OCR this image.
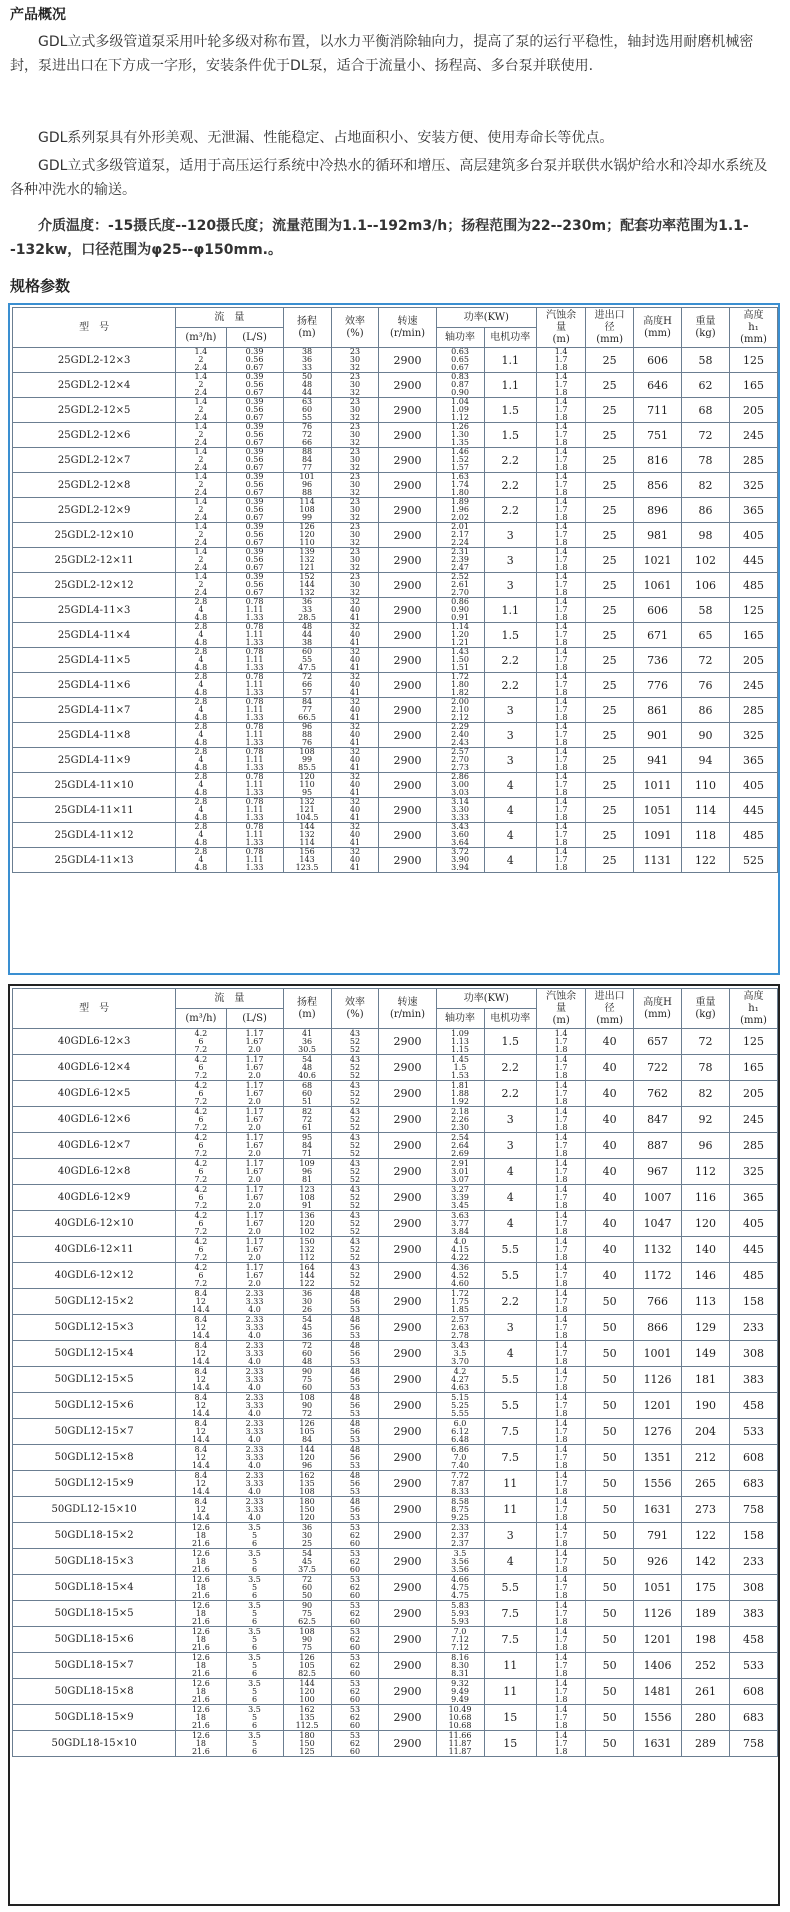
产品概况
GDL立式多级管道泵采用叶轮多级对称布置，以水力平衡消除轴向力，提高了泵的运行平稳性，轴封选用耐磨机械密封，泵进出口在下方成一字形，安装条件优于DL泵，适合于流量小、扬程高、多台泵并联使用.
GDL系列泵具有外形美观、无泄漏、性能稳定、占地面积小、安装方便、使用寿命长等优点。
GDL立式多级管道泵，适用于高压运行系统中冷热水的循环和增压、高层建筑多台泵并联供水锅炉给水和冷却水系统及各种冲洗水的输送。
介质温度：-15摄氏度--120摄氏度；流量范围为1.1--192m3/h；扬程范围为22--230m；配套功率范围为1.1--132kw，口径范围为φ25--φ150mm.。
规格参数
型　号	流　量		扬程
(m)	效率
(%)	转速
(r/min)	功率(KW)		汽蚀余量
(m)	进出口径
(mm)	高度H
(mm)	重量
(kg)	高度h₁
(mm)
	(m³/h)	(L/S)				轴功率	电机功率					
25GDL2-12×3	1.4
2
2.4	0.39
0.56
0.67	38
36
33	23
30
32	2900	0.63
0.65
0.67	1.1	1.4
1.7
1.8	25	606	58	125
25GDL2-12×4	1.4
2
2.4	0.39
0.56
0.67	50
48
44	23
30
32	2900	0.83
0.87
0.90	1.1	1.4
1.7
1.8	25	646	62	165
25GDL2-12×5	1.4
2
2.4	0.39
0.56
0.67	63
60
55	23
30
32	2900	1.04
1.09
1.12	1.5	1.4
1.7
1.8	25	711	68	205
25GDL2-12×6	1.4
2
2.4	0.39
0.56
0.67	76
72
66	23
30
32	2900	1.26
1.30
1.35	1.5	1.4
1.7
1.8	25	751	72	245
25GDL2-12×7	1.4
2
2.4	0.39
0.56
0.67	88
84
77	23
30
32	2900	1.46
1.52
1.57	2.2	1.4
1.7
1.8	25	816	78	285
25GDL2-12×8	1.4
2
2.4	0.39
0.56
0.67	101
96
88	23
30
32	2900	1.63
1.74
1.80	2.2	1.4
1.7
1.8	25	856	82	325
25GDL2-12×9	1.4
2
2.4	0.39
0.56
0.67	114
108
99	23
30
32	2900	1.89
1.96
2.02	2.2	1.4
1.7
1.8	25	896	86	365
25GDL2-12×10	1.4
2
2.4	0.39
0.56
0.67	126
120
110	23
30
32	2900	2.01
2.17
2.24	3	1.4
1.7
1.8	25	981	98	405
25GDL2-12×11	1.4
2
2.4	0.39
0.56
0.67	139
132
121	23
30
32	2900	2.31
2.39
2.47	3	1.4
1.7
1.8	25	1021	102	445
25GDL2-12×12	1.4
2
2.4	0.39
0.56
0.67	152
144
132	23
30
32	2900	2.52
2.61
2.70	3	1.4
1.7
1.8	25	1061	106	485
25GDL4-11×3	2.8
4
4.8	0.78
1.11
1.33	36
33
28.5	32
40
41	2900	0.86
0.90
0.91	1.1	1.4
1.7
1.8	25	606	58	125
25GDL4-11×4	2.8
4
4.8	0.78
1.11
1.33	48
44
38	32
40
41	2900	1.14
1.20
1.21	1.5	1.4
1.7
1.8	25	671	65	165
25GDL4-11×5	2.8
4
4.8	0.78
1.11
1.33	60
55
47.5	32
40
41	2900	1.43
1.50
1.51	2.2	1.4
1.7
1.8	25	736	72	205
25GDL4-11×6	2.8
4
4.8	0.78
1.11
1.33	72
66
57	32
40
41	2900	1.72
1.80
1.82	2.2	1.4
1.7
1.8	25	776	76	245
25GDL4-11×7	2.8
4
4.8	0.78
1.11
1.33	84
77
66.5	32
40
41	2900	2.00
2.10
2.12	3	1.4
1.7
1.8	25	861	86	285
25GDL4-11×8	2.8
4
4.8	0.78
1.11
1.33	96
88
76	32
40
41	2900	2.29
2.40
2.43	3	1.4
1.7
1.8	25	901	90	325
25GDL4-11×9	2.8
4
4.8	0.78
1.11
1.33	108
99
85.5	32
40
41	2900	2.57
2.70
2.73	3	1.4
1.7
1.8	25	941	94	365
25GDL4-11×10	2.8
4
4.8	0.78
1.11
1.33	120
110
95	32
40
41	2900	2.86
3.00
3.03	4	1.4
1.7
1.8	25	1011	110	405
25GDL4-11×11	2.8
4
4.8	0.78
1.11
1.33	132
121
104.5	32
40
41	2900	3.14
3.30
3.33	4	1.4
1.7
1.8	25	1051	114	445
25GDL4-11×12	2.8
4
4.8	0.78
1.11
1.33	144
132
114	32
40
41	2900	3.43
3.60
3.64	4	1.4
1.7
1.8	25	1091	118	485
25GDL4-11×13	2.8
4
4.8	0.78
1.11
1.33	156
143
123.5	32
40
41	2900	3.72
3.90
3.94	4	1.4
1.7
1.8	25	1131	122	525
型　号	流　量		扬程
(m)	效率
(%)	转速
(r/min)	功率(KW)		汽蚀余量
(m)	进出口径
(mm)	高度H
(mm)	重量
(kg)	高度h₁
(mm)
	(m³/h)	(L/S)				轴功率	电机功率					
40GDL6-12×3	4.2
6
7.2	1.17
1.67
2.0	41
36
30.5	43
52
52	2900	1.09
1.13
1.15	1.5	1.4
1.7
1.8	40	657	72	125
40GDL6-12×4	4.2
6
7.2	1.17
1.67
2.0	54
48
40.6	43
52
52	2900	1.45
1.5
1.53	2.2	1.4
1.7
1.8	40	722	78	165
40GDL6-12×5	4.2
6
7.2	1.17
1.67
2.0	68
60
51	43
52
52	2900	1.81
1.88
1.92	2.2	1.4
1.7
1.8	40	762	82	205
40GDL6-12×6	4.2
6
7.2	1.17
1.67
2.0	82
72
61	43
52
52	2900	2.18
2.26
2.30	3	1.4
1.7
1.8	40	847	92	245
40GDL6-12×7	4.2
6
7.2	1.17
1.67
2.0	95
84
71	43
52
52	2900	2.54
2.64
2.69	3	1.4
1.7
1.8	40	887	96	285
40GDL6-12×8	4.2
6
7.2	1.17
1.67
2.0	109
96
81	43
52
52	2900	2.91
3.01
3.07	4	1.4
1.7
1.8	40	967	112	325
40GDL6-12×9	4.2
6
7.2	1.17
1.67
2.0	123
108
91	43
52
52	2900	3.27
3.39
3.45	4	1.4
1.7
1.8	40	1007	116	365
40GDL6-12×10	4.2
6
7.2	1.17
1.67
2.0	136
120
102	43
52
52	2900	3.63
3.77
3.84	4	1.4
1.7
1.8	40	1047	120	405
40GDL6-12×11	4.2
6
7.2	1.17
1.67
2.0	150
132
112	43
52
52	2900	4.0
4.15
4.22	5.5	1.4
1.7
1.8	40	1132	140	445
40GDL6-12×12	4.2
6
7.2	1.17
1.67
2.0	164
144
122	43
52
52	2900	4.36
4.52
4.60	5.5	1.4
1.7
1.8	40	1172	146	485
50GDL12-15×2	8.4
12
14.4	2.33
3.33
4.0	36
30
26	48
56
53	2900	1.72
1.75
1.85	2.2	1.4
1.7
1.8	50	766	113	158
50GDL12-15×3	8.4
12
14.4	2.33
3.33
4.0	54
45
36	48
56
53	2900	2.57
2.63
2.78	3	1.4
1.7
1.8	50	866	129	233
50GDL12-15×4	8.4
12
14.4	2.33
3.33
4.0	72
60
48	48
56
53	2900	3.43
3.5
3.70	4	1.4
1.7
1.8	50	1001	149	308
50GDL12-15×5	8.4
12
14.4	2.33
3.33
4.0	90
75
60	48
56
53	2900	4.2
4.27
4.63	5.5	1.4
1.7
1.8	50	1126	181	383
50GDL12-15×6	8.4
12
14.4	2.33
3.33
4.0	108
90
72	48
56
53	2900	5.15
5.25
5.55	5.5	1.4
1.7
1.8	50	1201	190	458
50GDL12-15×7	8.4
12
14.4	2.33
3.33
4.0	126
105
84	48
56
53	2900	6.0
6.12
6.48	7.5	1.4
1.7
1.8	50	1276	204	533
50GDL12-15×8	8.4
12
14.4	2.33
3.33
4.0	144
120
96	48
56
53	2900	6.86
7.0
7.40	7.5	1.4
1.7
1.8	50	1351	212	608
50GDL12-15×9	8.4
12
14.4	2.33
3.33
4.0	162
135
108	48
56
53	2900	7.72
7.87
8.33	11	1.4
1.7
1.8	50	1556	265	683
50GDL12-15×10	8.4
12
14.4	2.33
3.33
4.0	180
150
120	48
56
53	2900	8.58
8.75
9.25	11	1.4
1.7
1.8	50	1631	273	758
50GDL18-15×2	12.6
18
21.6	3.5
5
6	36
30
25	53
62
60	2900	2.33
2.37
2.37	3	1.4
1.7
1.8	50	791	122	158
50GDL18-15×3	12.6
18
21.6	3.5
5
6	54
45
37.5	53
62
60	2900	3.5
3.56
3.56	4	1.4
1.7
1.8	50	926	142	233
50GDL18-15×4	12.6
18
21.6	3.5
5
6	72
60
50	53
62
60	2900	4.66
4.75
4.75	5.5	1.4
1.7
1.8	50	1051	175	308
50GDL18-15×5	12.6
18
21.6	3.5
5
6	90
75
62.5	53
62
60	2900	5.83
5.93
5.93	7.5	1.4
1.7
1.8	50	1126	189	383
50GDL18-15×6	12.6
18
21.6	3.5
5
6	108
90
75	53
62
60	2900	7.0
7.12
7.12	7.5	1.4
1.7
1.8	50	1201	198	458
50GDL18-15×7	12.6
18
21.6	3.5
5
6	126
105
82.5	53
62
60	2900	8.16
8.30
8.31	11	1.4
1.7
1.8	50	1406	252	533
50GDL18-15×8	12.6
18
21.6	3.5
5
6	144
120
100	53
62
60	2900	9.32
9.49
9.49	11	1.4
1.7
1.8	50	1481	261	608
50GDL18-15×9	12.6
18
21.6	3.5
5
6	162
135
112.5	53
62
60	2900	10.49
10.68
10.68	15	1.4
1.7
1.8	50	1556	280	683
50GDL18-15×10	12.6
18
21.6	3.5
5
6	180
150
125	53
62
60	2900	11.66
11.87
11.87	15	1.4
1.7
1.8	50	1631	289	758
